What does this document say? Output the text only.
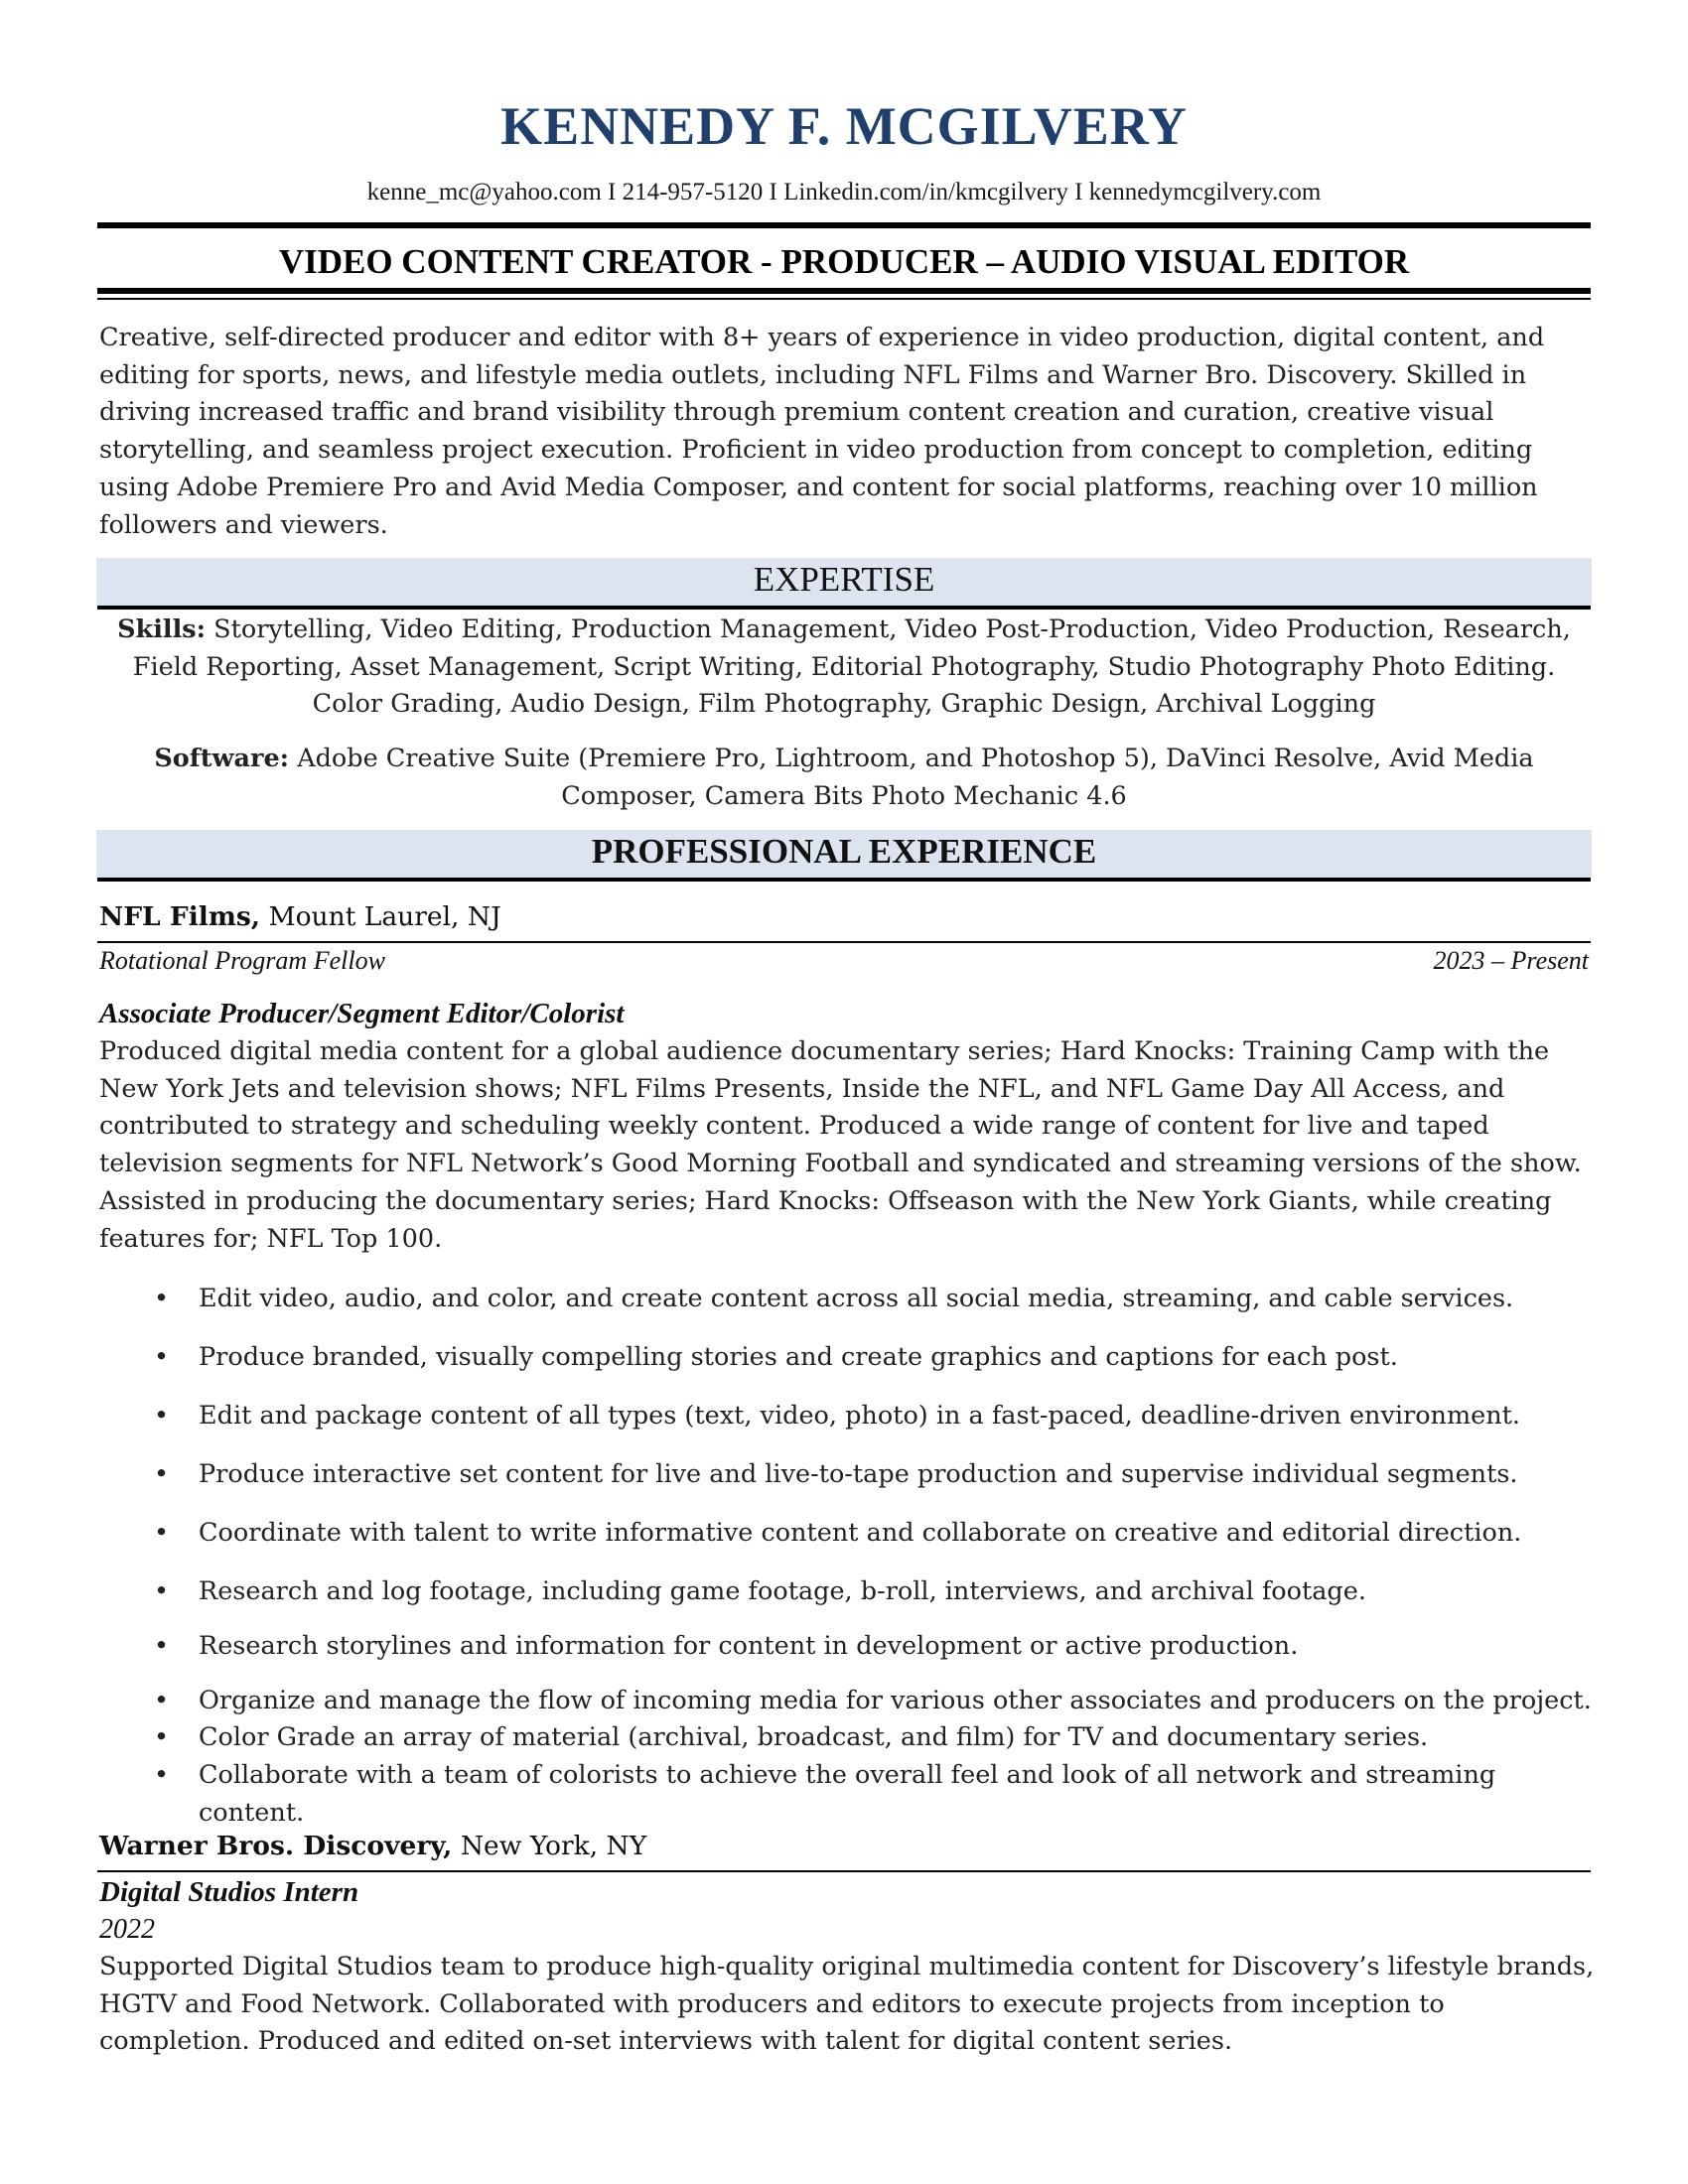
KENNEDY F. MCGILVERY
kenne_mc@yahoo.com I 214-957-5120 I Linkedin.com/in/kmcgilvery I kennedymcgilvery.com
VIDEO CONTENT CREATOR - PRODUCER – AUDIO VISUAL EDITOR
Creative, self-directed producer and editor with 8+ years of experience in video production, digital content, and editing for sports, news, and lifestyle media outlets, including NFL Films and Warner Bro. Discovery. Skilled in driving increased traffic and brand visibility through premium content creation and curation, creative visual storytelling, and seamless project execution. Proficient in video production from concept to completion, editing using Adobe Premiere Pro and Avid Media Composer, and content for social platforms, reaching over 10 million followers and viewers.
EXPERTISE
Skills: Storytelling, Video Editing, Production Management, Video Post-Production, Video Production, Research, Field Reporting, Asset Management, Script Writing, Editorial Photography, Studio Photography Photo Editing. Color Grading, Audio Design, Film Photography, Graphic Design, Archival Logging
Software: Adobe Creative Suite (Premiere Pro, Lightroom, and Photoshop 5), DaVinci Resolve, Avid Media Composer, Camera Bits Photo Mechanic 4.6
PROFESSIONAL EXPERIENCE
NFL Films, Mount Laurel, NJ
Rotational Program Fellow	2023 – Present
Associate Producer/Segment Editor/Colorist
Produced digital media content for a global audience documentary series; Hard Knocks: Training Camp with the New York Jets and television shows; NFL Films Presents, Inside the NFL, and NFL Game Day All Access, and contributed to strategy and scheduling weekly content. Produced a wide range of content for live and taped television segments for NFL Network’s Good Morning Football and syndicated and streaming versions of the show. Assisted in producing the documentary series; Hard Knocks: Offseason with the New York Giants, while creating features for; NFL Top 100.
• Edit video, audio, and color, and create content across all social media, streaming, and cable services.
• Produce branded, visually compelling stories and create graphics and captions for each post.
• Edit and package content of all types (text, video, photo) in a fast-paced, deadline-driven environment.
• Produce interactive set content for live and live-to-tape production and supervise individual segments.
• Coordinate with talent to write informative content and collaborate on creative and editorial direction.
• Research and log footage, including game footage, b-roll, interviews, and archival footage.
• Research storylines and information for content in development or active production.
• Organize and manage the flow of incoming media for various other associates and producers on the project.
• Color Grade an array of material (archival, broadcast, and film) for TV and documentary series.
• Collaborate with a team of colorists to achieve the overall feel and look of all network and streaming content.
Warner Bros. Discovery, New York, NY
Digital Studios Intern
2022
Supported Digital Studios team to produce high-quality original multimedia content for Discovery’s lifestyle brands, HGTV and Food Network. Collaborated with producers and editors to execute projects from inception to completion. Produced and edited on-set interviews with talent for digital content series.
